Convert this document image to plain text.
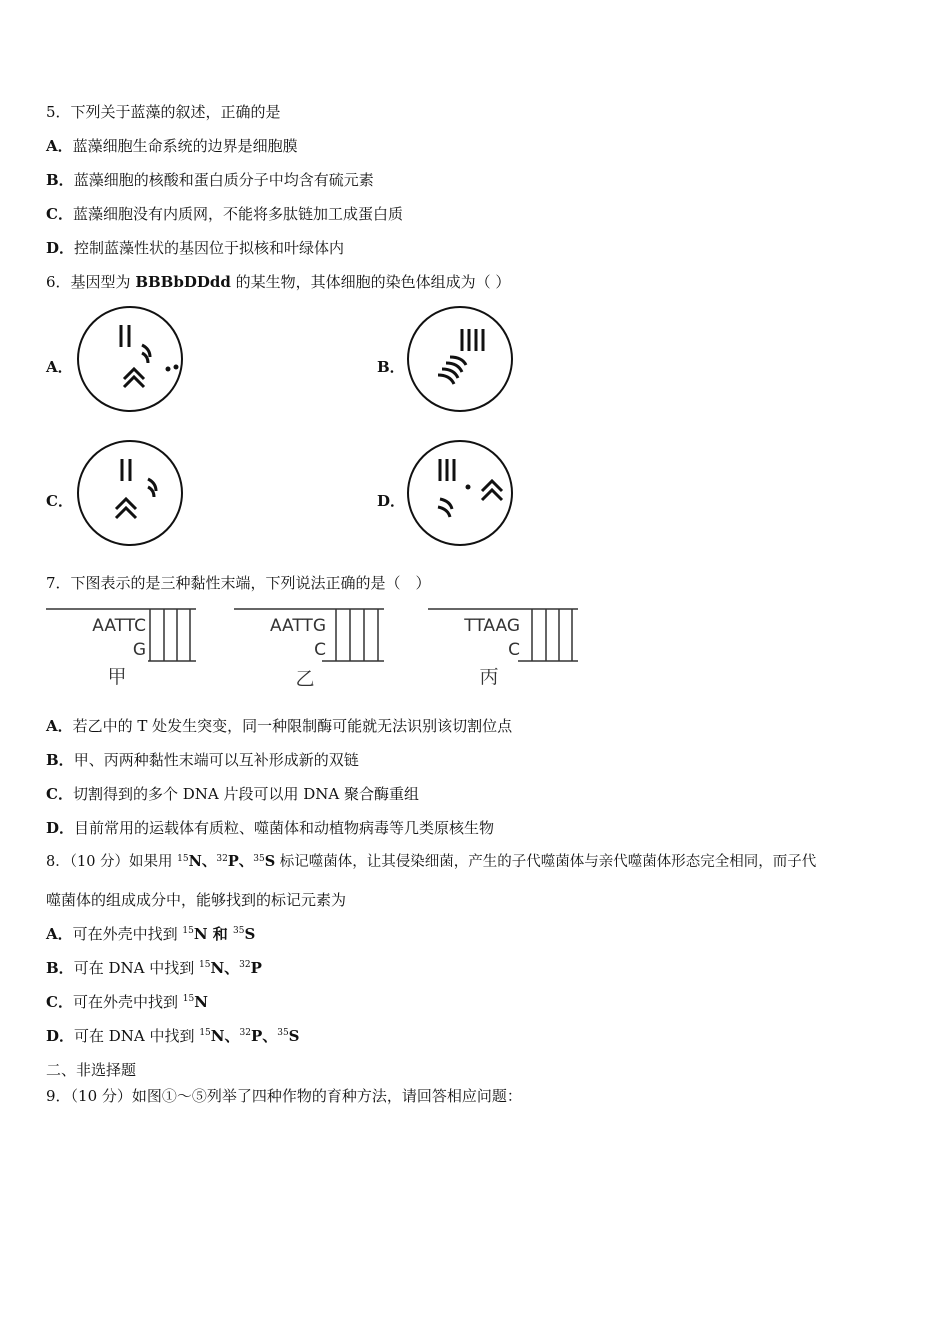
5．下列关于蓝藻的叙述，正确的是
A．蓝藻细胞生命系统的边界是细胞膜
B．蓝藻细胞的核酸和蛋白质分子中均含有硫元素
C．蓝藻细胞没有内质网，不能将多肽链加工成蛋白质
D．控制蓝藻性状的基因位于拟核和叶绿体内
6．基因型为 BBBbDDdd 的某生物，其体细胞的染色体组成为（ ）
A．	B．
C．	D．
7．下图表示的是三种黏性末端，下列说法正确的是（　）
AATTC
G
甲
AATTG
C
乙
TTAAG
C
丙
A．若乙中的 T 处发生突变，同一种限制酶可能就无法识别该切割位点
B．甲、丙两种黏性末端可以互补形成新的双链
C．切割得到的多个 DNA 片段可以用 DNA 聚合酶重组
D．目前常用的运载体有质粒、噬菌体和动植物病毒等几类原核生物
8．（10 分）如果用 $^{15}$N、$^{32}$P、$^{35}$S 标记噬菌体，让其侵染细菌，产生的子代噬菌体与亲代噬菌体形态完全相同，而子代
噬菌体的组成成分中，能够找到的标记元素为
A．可在外壳中找到 $^{15}$N 和 $^{35}$S
B．可在 DNA 中找到 $^{15}$N、$^{32}$P
C．可在外壳中找到 $^{15}$N
D．可在 DNA 中找到 $^{15}$N、$^{32}$P、$^{35}$S
二、非选择题
9．（10 分）如图①～⑤列举了四种作物的育种方法，请回答相应问题：
